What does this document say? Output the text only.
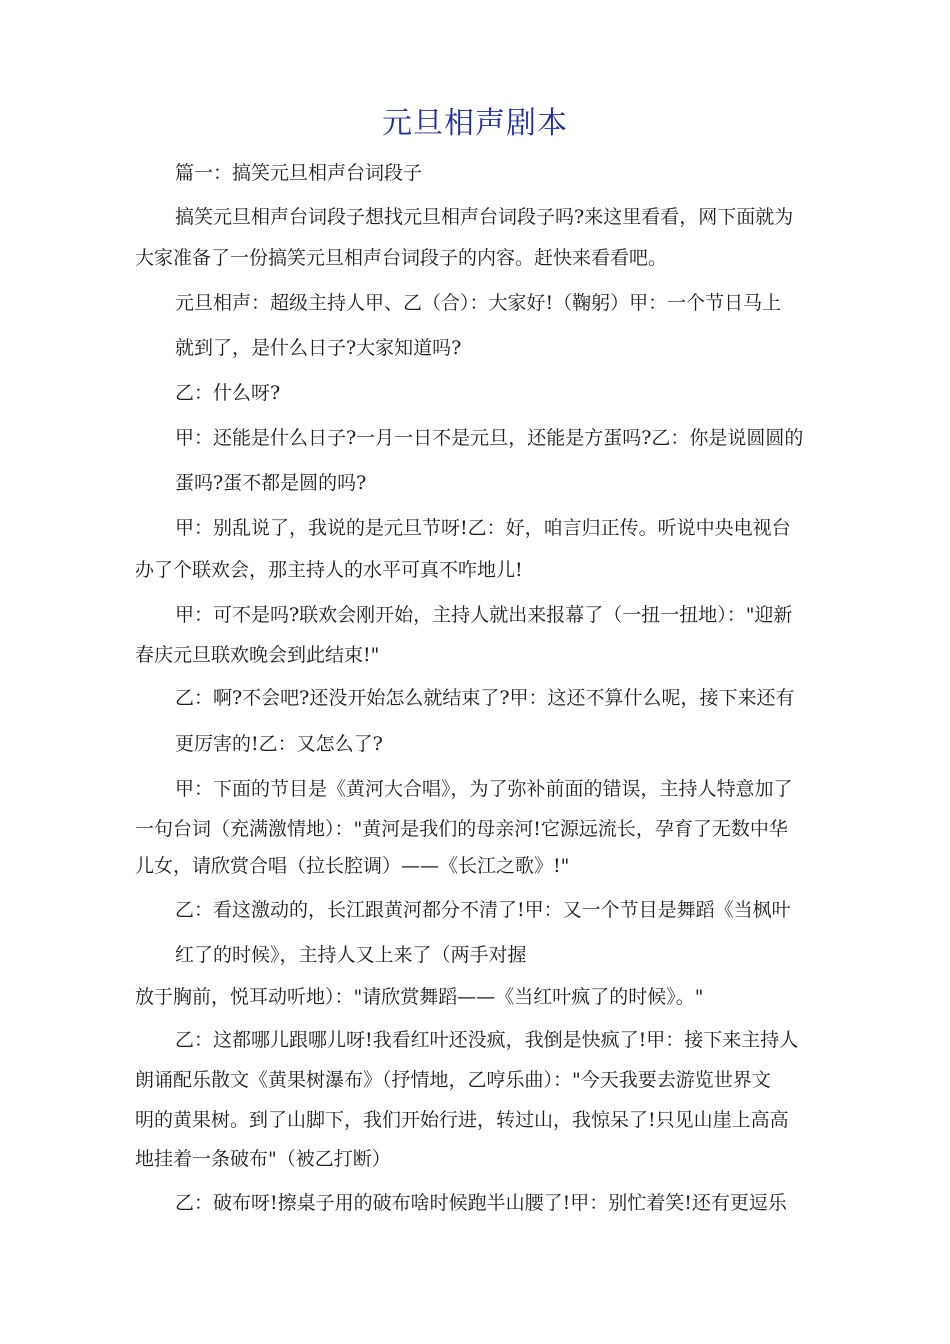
元旦相声剧本
篇一：搞笑元旦相声台词段子
搞笑元旦相声台词段子想找元旦相声台词段子吗?来这里看看，网下面就为
大家准备了一份搞笑元旦相声台词段子的内容。赶快来看看吧。
元旦相声：超级主持人甲、乙（合）：大家好!（鞠躬）甲：一个节日马上
就到了，是什么日子?大家知道吗?
乙：什么呀?
甲：还能是什么日子?一月一日不是元旦，还能是方蛋吗?乙：你是说圆圆的
蛋吗?蛋不都是圆的吗?
甲：别乱说了，我说的是元旦节呀!乙：好，咱言归正传。听说中央电视台
办了个联欢会，那主持人的水平可真不咋地儿!
甲：可不是吗?联欢会刚开始，主持人就出来报幕了（一扭一扭地）："迎新
春庆元旦联欢晚会到此结束!"
乙：啊?不会吧?还没开始怎么就结束了?甲：这还不算什么呢，接下来还有
更厉害的!乙：又怎么了?
甲：下面的节目是《黄河大合唱》，为了弥补前面的错误，主持人特意加了
一句台词（充满激情地）："黄河是我们的母亲河!它源远流长，孕育了无数中华
儿女，请欣赏合唱（拉长腔调）——《长江之歌》!"
乙：看这激动的，长江跟黄河都分不清了!甲：又一个节目是舞蹈《当枫叶
红了的时候》，主持人又上来了（两手对握
放于胸前，悦耳动听地）："请欣赏舞蹈——《当红叶疯了的时候》。"
乙：这都哪儿跟哪儿呀!我看红叶还没疯，我倒是快疯了!甲：接下来主持人
朗诵配乐散文《黄果树瀑布》（抒情地，乙哼乐曲）："今天我要去游览世界文
明的黄果树。到了山脚下，我们开始行进，转过山，我惊呆了!只见山崖上高高
地挂着一条破布"（被乙打断）
乙：破布呀!擦桌子用的破布啥时候跑半山腰了!甲：别忙着笑!还有更逗乐
